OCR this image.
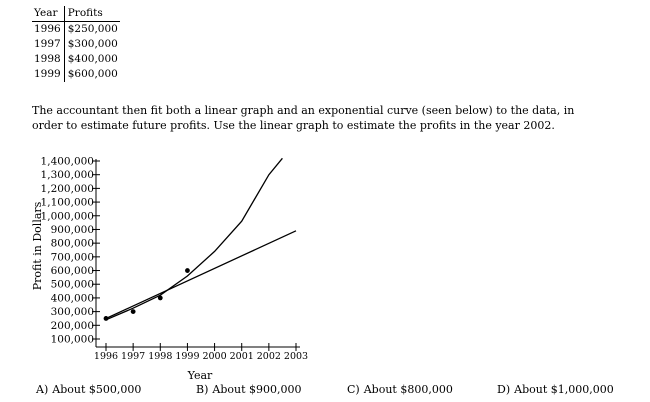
Year	Profits
1996	$250,000
1997	$300,000
1998	$400,000
1999	$600,000

The accountant then fit both a linear graph and an exponential curve (seen below) to the data, in order to estimate future profits. Use the linear graph to estimate the profits in the year 2002.

100,000
200,000
300,000
400,000
500,000
600,000
700,000
800,000
900,000
1,000,000
1,100,000
1,200,000
1,300,000
1,400,000
1996 1997 1998 1999 2000 2001 2002 2003
Year
Profit in Dollars
A) About $500,000	B) About $900,000	C) About $800,000	D) About $1,000,000
